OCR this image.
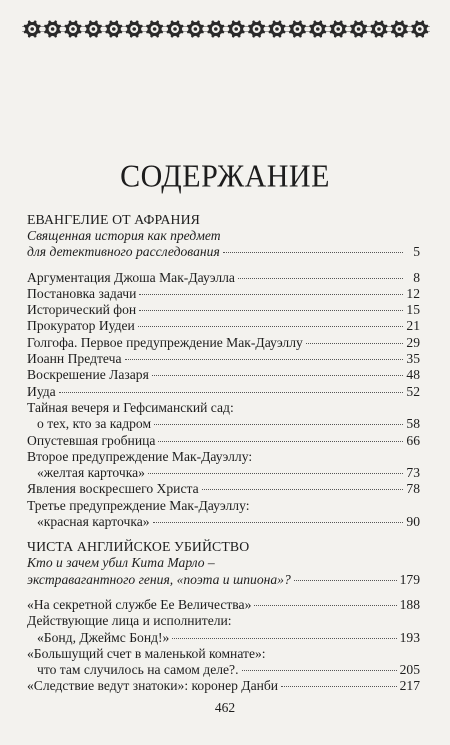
СОДЕРЖАНИЕ
ЕВАНГЕЛИЕ ОТ АФРАНИЯ
Священная история как предмет
для детективного расследования	5
Аргументация Джоша Мак-Дауэлла	8
Постановка задачи	12
Исторический фон	15
Прокуратор Иудеи	21
Голгофа. Первое предупреждение Мак-Дауэллу	29
Иоанн Предтеча	35
Воскрешение Лазаря	48
Иуда	52
Тайная вечеря и Гефсиманский сад:
о тех, кто за кадром	58
Опустевшая гробница	66
Второе предупреждение Мак-Дауэллу:
«желтая карточка»	73
Явления воскресшего Христа	78
Третье предупреждение Мак-Дауэллу:
«красная карточка»	90
ЧИСТА АНГЛИЙСКОЕ УБИЙСТВО
Кто и зачем убил Кита Марло –
экстравагантного гения, «поэта и шпиона»?	179
«На секретной службе Ее Величества»	188
Действующие лица и исполнители:
«Бонд, Джеймс Бонд!»	193
«Большущий счет в маленькой комнате»:
что там случилось на самом деле?.	205
«Следствие ведут знатоки»: коронер Данби	217
462
